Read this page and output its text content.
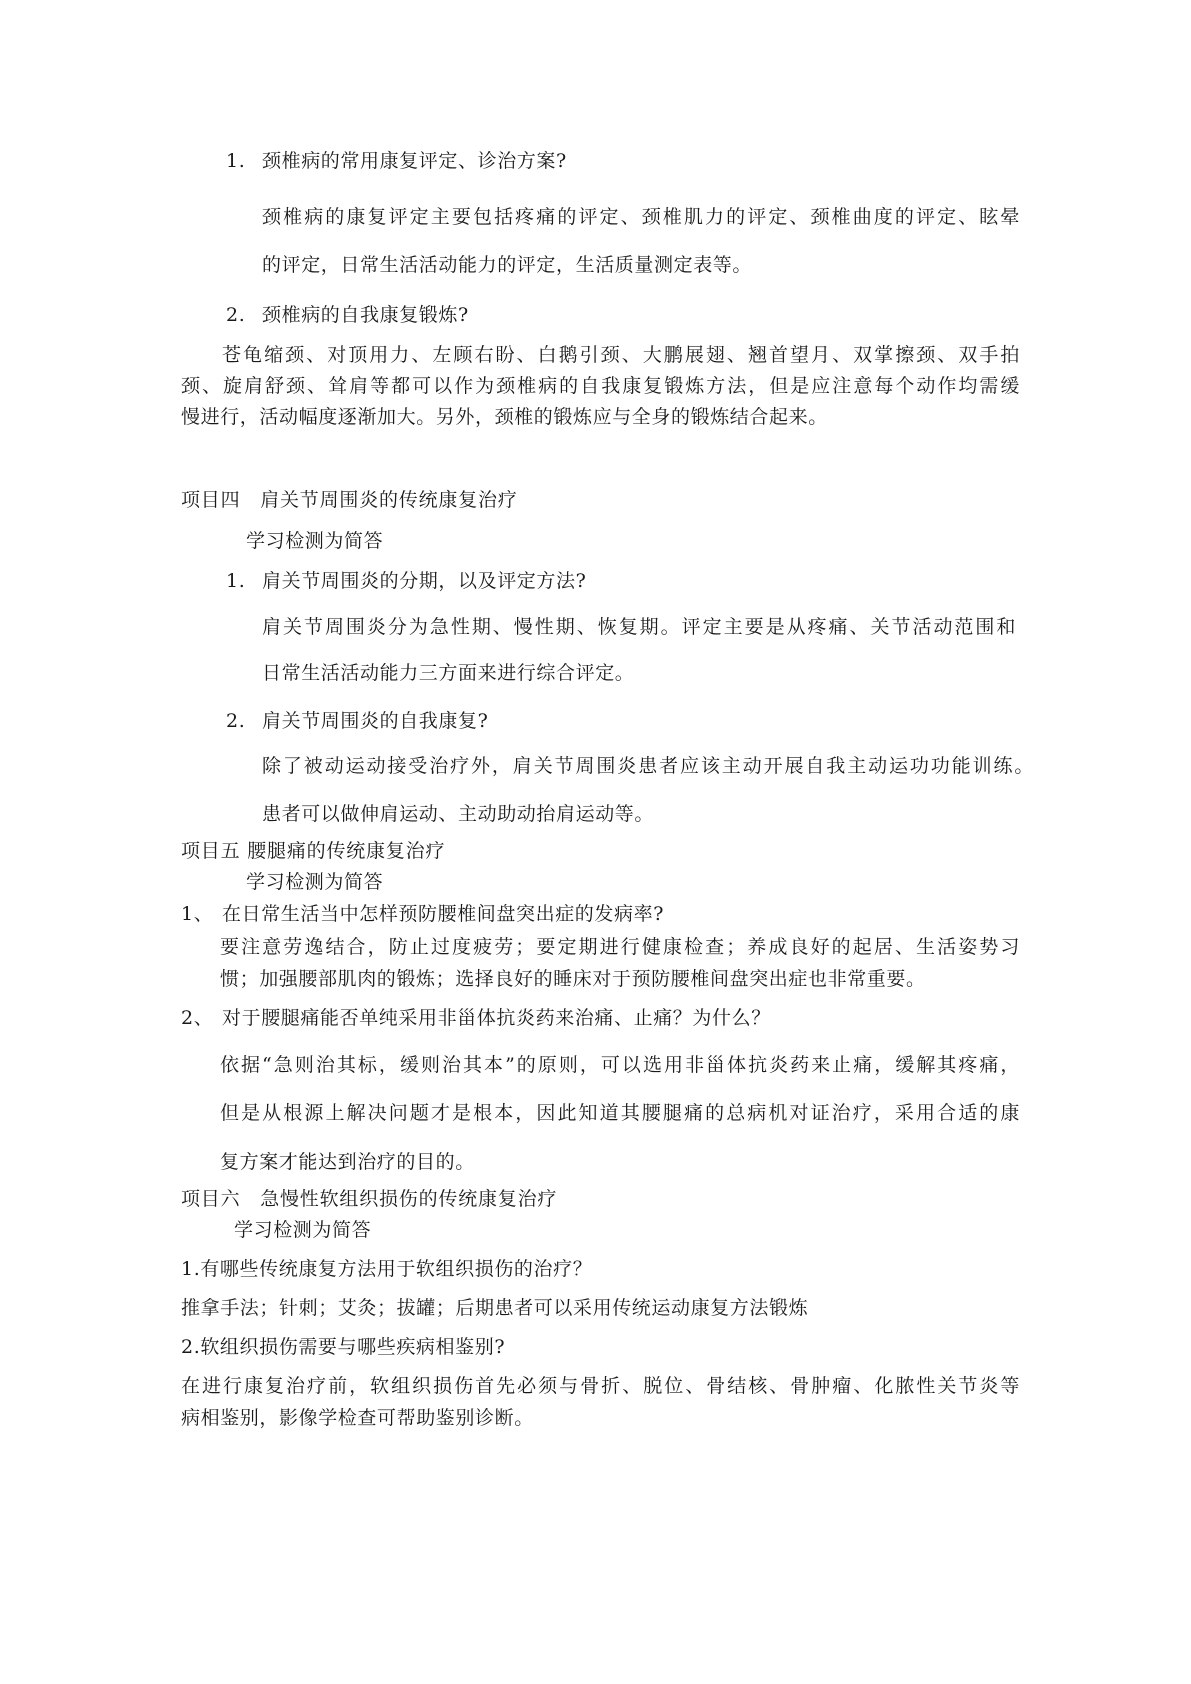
1. 颈椎病的常用康复评定、诊治方案?
颈椎病的康复评定主要包括疼痛的评定、颈椎肌力的评定、颈椎曲度的评定、眩晕
的评定，日常生活活动能力的评定，生活质量测定表等。
2. 颈椎病的自我康复锻炼?
苍龟缩颈、对顶用力、左顾右盼、白鹅引颈、大鹏展翅、翘首望月、双掌擦颈、双手拍
颈、旋肩舒颈、耸肩等都可以作为颈椎病的自我康复锻炼方法，但是应注意每个动作均需缓
慢进行，活动幅度逐渐加大。另外，颈椎的锻炼应与全身的锻炼结合起来。
项目四　肩关节周围炎的传统康复治疗
学习检测为简答
1. 肩关节周围炎的分期，以及评定方法?
肩关节周围炎分为急性期、慢性期、恢复期。评定主要是从疼痛、关节活动范围和
日常生活活动能力三方面来进行综合评定。
2. 肩关节周围炎的自我康复?
除了被动运动接受治疗外，肩关节周围炎患者应该主动开展自我主动运功功能训练。
患者可以做伸肩运动、主动助动抬肩运动等。
项目五 腰腿痛的传统康复治疗
学习检测为简答
1、 在日常生活当中怎样预防腰椎间盘突出症的发病率?
要注意劳逸结合，防止过度疲劳；要定期进行健康检查；养成良好的起居、生活姿势习
惯；加强腰部肌肉的锻炼；选择良好的睡床对于预防腰椎间盘突出症也非常重要。
2、 对于腰腿痛能否单纯采用非甾体抗炎药来治痛、止痛？为什么？
依据“急则治其标，缓则治其本”的原则，可以选用非甾体抗炎药来止痛，缓解其疼痛，
但是从根源上解决问题才是根本，因此知道其腰腿痛的总病机对证治疗，采用合适的康
复方案才能达到治疗的目的。
项目六　急慢性软组织损伤的传统康复治疗
学习检测为简答
1.有哪些传统康复方法用于软组织损伤的治疗？
推拿手法；针刺；艾灸；拔罐；后期患者可以采用传统运动康复方法锻炼
2.软组织损伤需要与哪些疾病相鉴别?
在进行康复治疗前，软组织损伤首先必须与骨折、脱位、骨结核、骨肿瘤、化脓性关节炎等
病相鉴别，影像学检查可帮助鉴别诊断。
